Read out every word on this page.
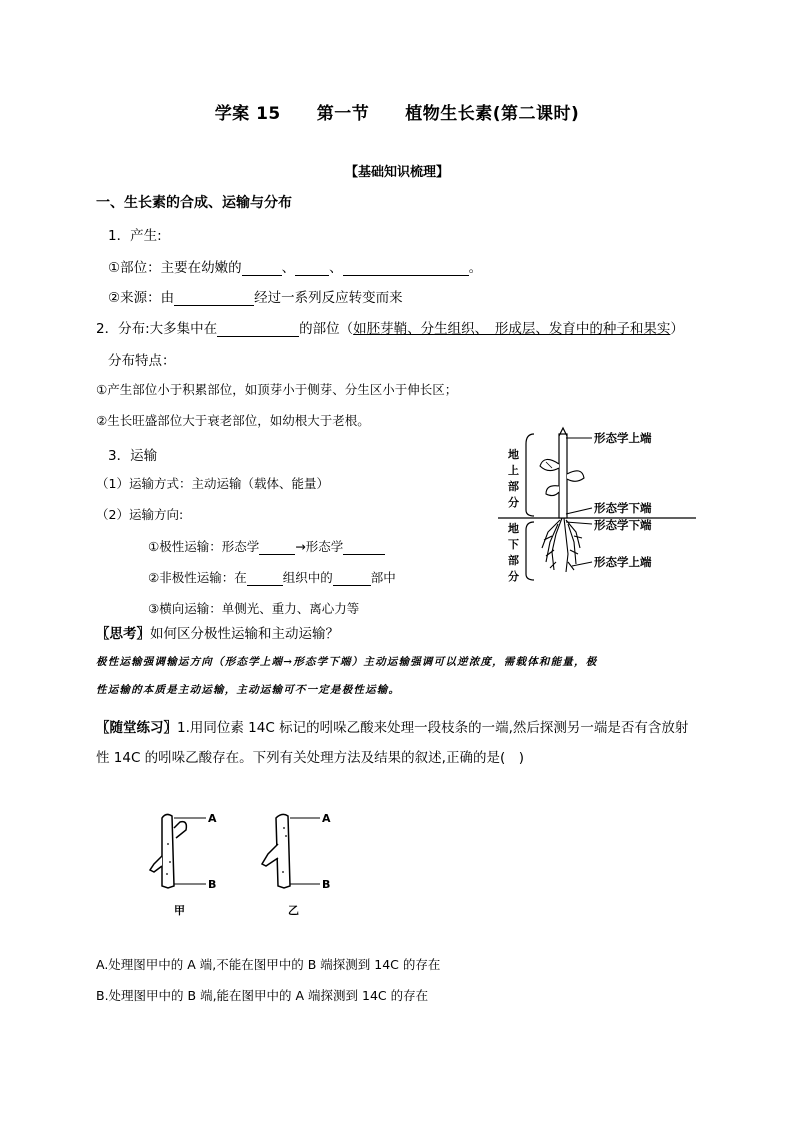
学案 15 第一节 植物生长素(第二课时)
【基础知识梳理】
一、生长素的合成、运输与分布
1．产生:
①部位：主要在幼嫩的	、	、	。
②来源：由	经过一系列反应转变而来
2．分布:大多集中在	的部位（如胚芽鞘、分生组织、　形成层、发育中的种子和果实）
分布特点：
①产生部位小于积累部位，如顶芽小于侧芽、分生区小于伸长区；
②生长旺盛部位大于衰老部位，如幼根大于老根。
3．运输
（1）运输方式：主动运输（载体、能量）
（2）运输方向:
①极性运输：形态学	→形态学
②非极性运输：在	组织中的	部中
③横向运输：单侧光、重力、离心力等
地
上
部
分
地
下
部
分
形态学上端
形态学下端
形态学下端
形态学上端
〖思考〗如何区分极性运输和主动运输？
极性运输强调输运方向（形态学上端→形态学下端）主动运输强调可以逆浓度，需载体和能量，极
性运输的本质是主动运输，主动运输可不一定是极性运输。
〖随堂练习〗1.用同位素 14C 标记的吲哚乙酸来处理一段枝条的一端,然后探测另一端是否有含放射
性 14C 的吲哚乙酸存在。下列有关处理方法及结果的叙述,正确的是(　)
A
B
A
B
甲	乙
A.处理图甲中的 A 端,不能在图甲中的 B 端探测到 14C 的存在
B.处理图甲中的 B 端,能在图甲中的 A 端探测到 14C 的存在
